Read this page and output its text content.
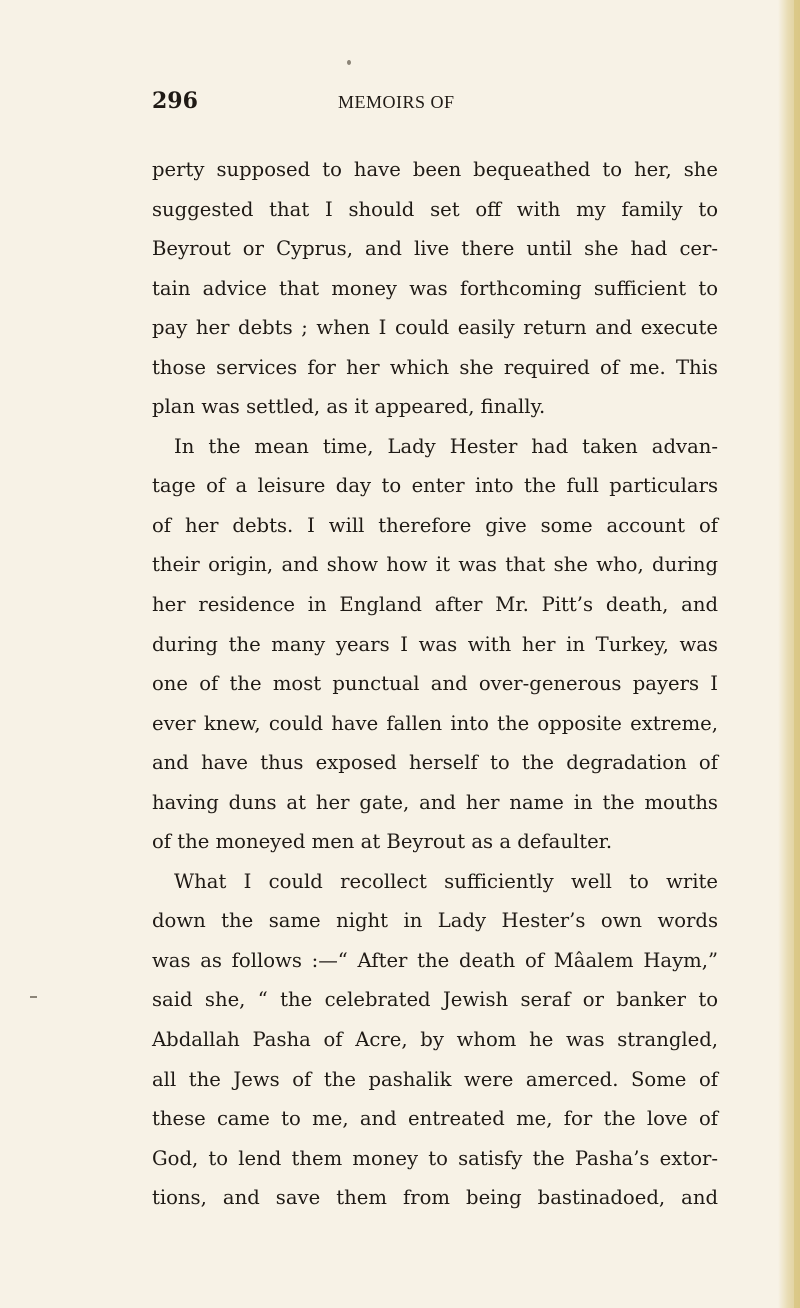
296	MEMOIRS OF
perty supposed to have been bequeathed to her, she
suggested that I should set off with my family to
Beyrout or Cyprus, and live there until she had cer-
tain advice that money was forthcoming sufficient to
pay her debts ; when I could easily return and execute
those services for her which she required of me. This
plan was settled, as it appeared, finally.
In the mean time, Lady Hester had taken advan-
tage of a leisure day to enter into the full particulars
of her debts. I will therefore give some account of
their origin, and show how it was that she who, during
her residence in England after Mr. Pitt’s death, and
during the many years I was with her in Turkey, was
one of the most punctual and over-generous payers I
ever knew, could have fallen into the opposite extreme,
and have thus exposed herself to the degradation of
having duns at her gate, and her name in the mouths
of the moneyed men at Beyrout as a defaulter.
What I could recollect sufficiently well to write
down the same night in Lady Hester’s own words
was as follows :—“ After the death of Mâalem Haym,”
said she, “ the celebrated Jewish seraf or banker to
Abdallah Pasha of Acre, by whom he was strangled,
all the Jews of the pashalik were amerced. Some of
these came to me, and entreated me, for the love of
God, to lend them money to satisfy the Pasha’s extor-
tions, and save them from being bastinadoed, and
